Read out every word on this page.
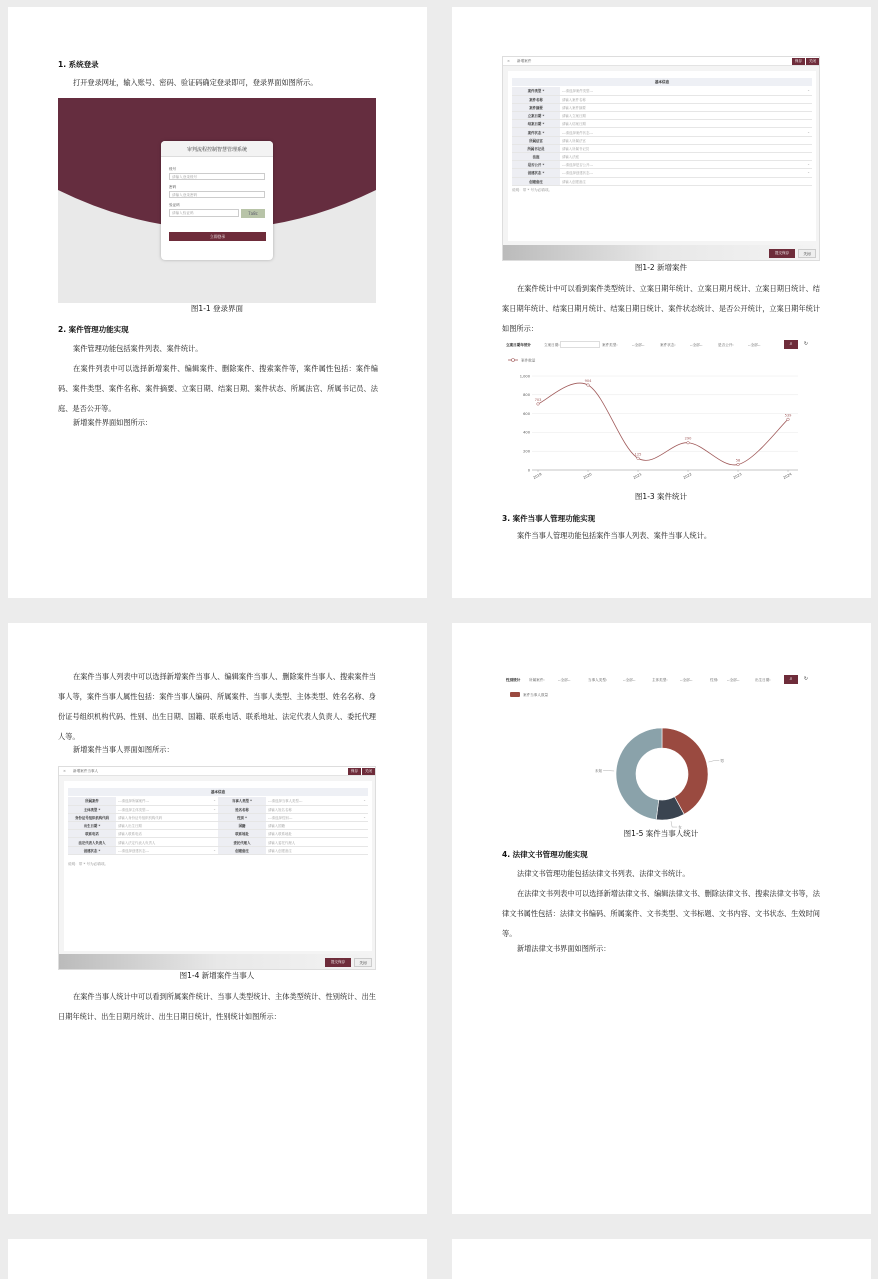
1. 系统登录
打开登录网址，输入账号、密码、验证码确定登录即可，登录界面如图所示。
审判流程控制智慧管理系统
账号
请输入登录账号
密码
请输入登录密码
验证码
请输入验证码	7a8c
立即登录
图1-1 登录界面
2. 案件管理功能实现
案件管理功能包括案件列表、案件统计。
在案件列表中可以选择新增案件、编辑案件、删除案件、搜索案件等，案件属性包括：案件编码、案件类型、案件名称、案件摘要、立案日期、结案日期、案件状态、所属法官、所属书记员、法庭、是否公开等。
新增案件界面如图所示：
× 新增案件	保存	关闭
基本信息
案件类型 *	---请选择案件类型--- ⌄

案件名称	请输入案件名称
案件摘要	请输入案件摘要
立案日期 *	请输入立案日期
结案日期 *	请输入结案日期
案件状态 *	---请选择案件状态--- ⌄

所属法官	请输入所属法官
所属书记员	请输入所属书记员
法庭	请输入法庭
是否公开 *	---请选择是否公开--- ⌄

创建状态 *	---请选择创建状态--- ⌄

创建备注	请输入创建备注
说明：带 * 号为必填项。
提交保存	关闭
图1-2 新增案件
在案件统计中可以看到案件类型统计、立案日期年统计、立案日期月统计、立案日期日统计、结案日期年统计、结案日期月统计、结案日期日统计、案件状态统计、是否公开统计，立案日期年统计如图所示：
立案日期年统计	立案日期:	案件类型:	--全部--	案件状态:	--全部--	是否公开:	--全部--	⌕	↻
案件数量
0
200
400
600
800
1,000
2019	2020	2021	2022	2023	2024
703
904
125
290
58
539
图1-3 案件统计
3. 案件当事人管理功能实现
案件当事人管理功能包括案件当事人列表、案件当事人统计。
在案件当事人列表中可以选择新增案件当事人、编辑案件当事人、删除案件当事人、搜索案件当事人等，案件当事人属性包括：案件当事人编码、所属案件、当事人类型、主体类型、姓名名称、身份证号组织机构代码、性别、出生日期、国籍、联系电话、联系地址、法定代表人负责人、委托代理人等。
新增案件当事人界面如图所示：
× 新增案件当事人	保存	关闭
基本信息
所属案件	---请选择所属案件--- ⌄	当事人类型 *	---请选择当事人类型--- ⌄

主体类型 *	---请选择主体类型--- ⌄	姓名名称	请输入姓名名称
身份证号组织机构代码	请输入身份证号组织机构代码	性别 *	---请选择性别--- ⌄

出生日期 *	请输入出生日期	国籍	请输入国籍
联系电话	请输入联系电话	联系地址	请输入联系地址
法定代表人负责人	请输入法定代表人负责人	委托代理人	请输入委托代理人
创建状态 *	---请选择创建状态--- ⌄	创建备注	请输入创建备注
说明：带 * 号为必填项。
提交保存	关闭
图1-4 新增案件当事人
在案件当事人统计中可以看到所属案件统计、当事人类型统计、主体类型统计、性别统计、出生日期年统计、出生日期月统计、出生日期日统计，性别统计如图所示：
性别统计 所属案件:	--全部--	当事人类型:	--全部--	主体类型:	--全部--	性别: --全部--	出生日期:	⌕	↻
案件当事人数量
男
女
未知
图1-5 案件当事人统计
4. 法律文书管理功能实现
法律文书管理功能包括法律文书列表、法律文书统计。
在法律文书列表中可以选择新增法律文书、编辑法律文书、删除法律文书、搜索法律文书等，法律文书属性包括：法律文书编码、所属案件、文书类型、文书标题、文书内容、文书状态、生效时间等。
新增法律文书界面如图所示：
